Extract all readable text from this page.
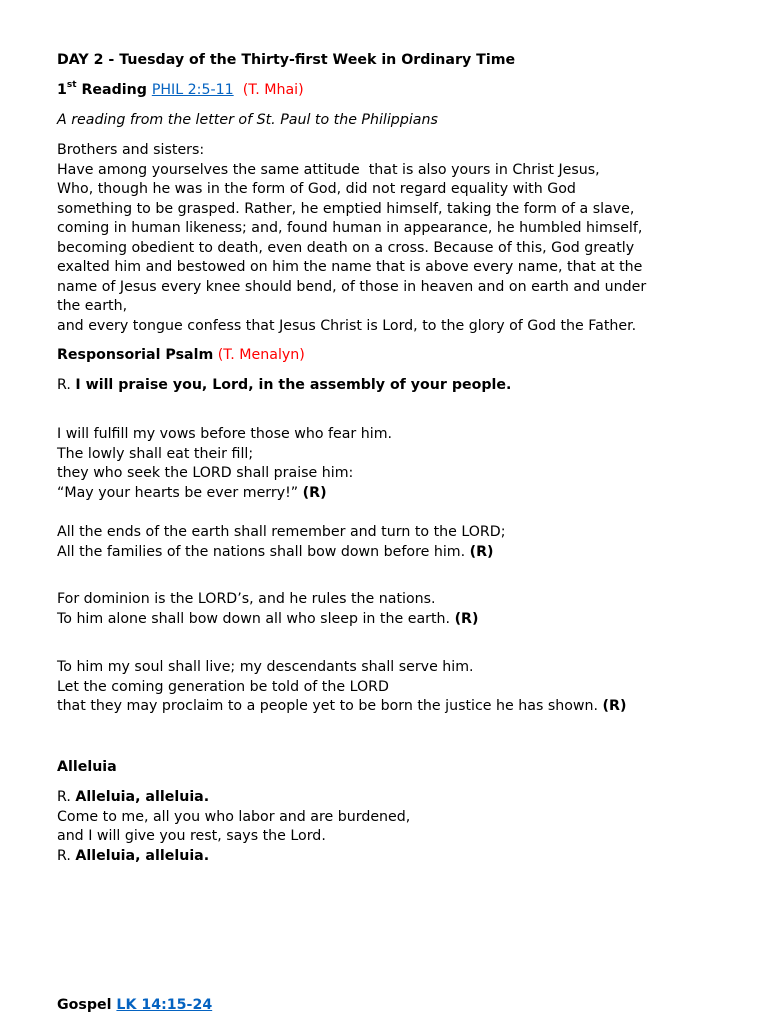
DAY 2 - Tuesday of the Thirty-first Week in Ordinary Time
1st Reading PHIL 2:5-11 (T. Mhai)
A reading from the letter of St. Paul to the Philippians
Brothers and sisters:
Have among yourselves the same attitude  that is also yours in Christ Jesus,
Who, though he was in the form of God, did not regard equality with God
something to be grasped. Rather, he emptied himself, taking the form of a slave,
coming in human likeness; and, found human in appearance, he humbled himself,
becoming obedient to death, even death on a cross. Because of this, God greatly
exalted him and bestowed on him the name that is above every name, that at the
name of Jesus every knee should bend, of those in heaven and on earth and under
the earth,
and every tongue confess that Jesus Christ is Lord, to the glory of God the Father.
Responsorial Psalm (T. Menalyn)
R. I will praise you, Lord, in the assembly of your people.
I will fulfill my vows before those who fear him.
The lowly shall eat their fill;
they who seek the LORD shall praise him:
“May your hearts be ever merry!” (R)
All the ends of the earth shall remember and turn to the LORD;
All the families of the nations shall bow down before him. (R)
For dominion is the LORD’s, and he rules the nations.
To him alone shall bow down all who sleep in the earth. (R)
To him my soul shall live; my descendants shall serve him.
Let the coming generation be told of the LORD
that they may proclaim to a people yet to be born the justice he has shown. (R)
Alleluia
R. Alleluia, alleluia.
Come to me, all you who labor and are burdened,
and I will give you rest, says the Lord.
R. Alleluia, alleluia.
Gospel LK 14:15-24
